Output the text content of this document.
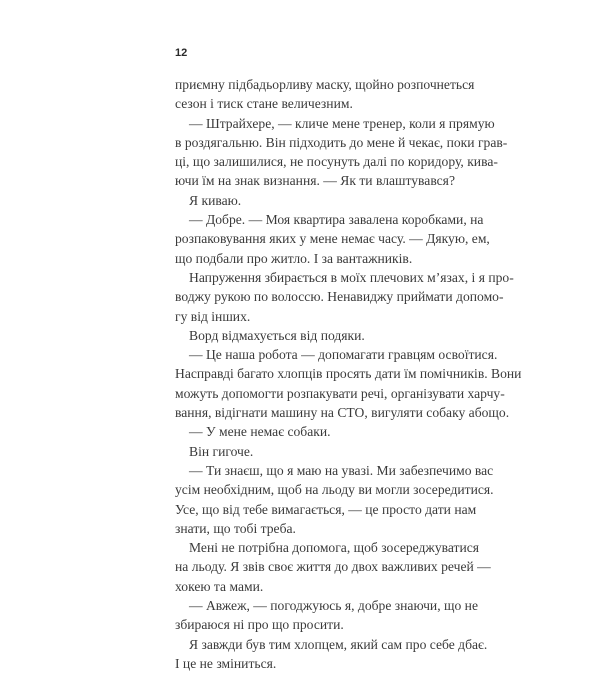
12
приємну підбадьорливу маску, щойно розпочнеться
сезон і тиск стане величезним.
— Штрайхере, — кличе мене тренер, коли я прямую
в роздягальню. Він підходить до мене й чекає, поки грав-
ці, що залишилися, не посунуть далі по коридору, кива-
ючи їм на знак визнання. — Як ти влаштувався?
Я киваю.
— Добре. — Моя квартира завалена коробками, на
розпаковування яких у мене немає часу. — Дякую, ем,
що подбали про житло. І за вантажників.
Напруження збирається в моїх плечових м’язах, і я про-
воджу рукою по волоссю. Ненавиджу приймати допомо-
гу від інших.
Ворд відмахується від подяки.
— Це наша робота — допомагати гравцям освоїтися.
Насправді багато хлопців просять дати їм помічників. Вони
можуть допомогти розпакувати речі, організувати харчу-
вання, відігнати машину на СТО, вигуляти собаку абощо.
— У мене немає собаки.
Він гигоче.
— Ти знаєш, що я маю на увазі. Ми забезпечимо вас
усім необхідним, щоб на льоду ви могли зосередитися.
Усе, що від тебе вимагається, — це просто дати нам
знати, що тобі треба.
Мені не потрібна допомога, щоб зосереджуватися
на льоду. Я звів своє життя до двох важливих речей —
хокею та мами.
— Авжеж, — погоджуюсь я, добре знаючи, що не
збираюся ні про що просити.
Я завжди був тим хлопцем, який сам про себе дбає.
І це не зміниться.
